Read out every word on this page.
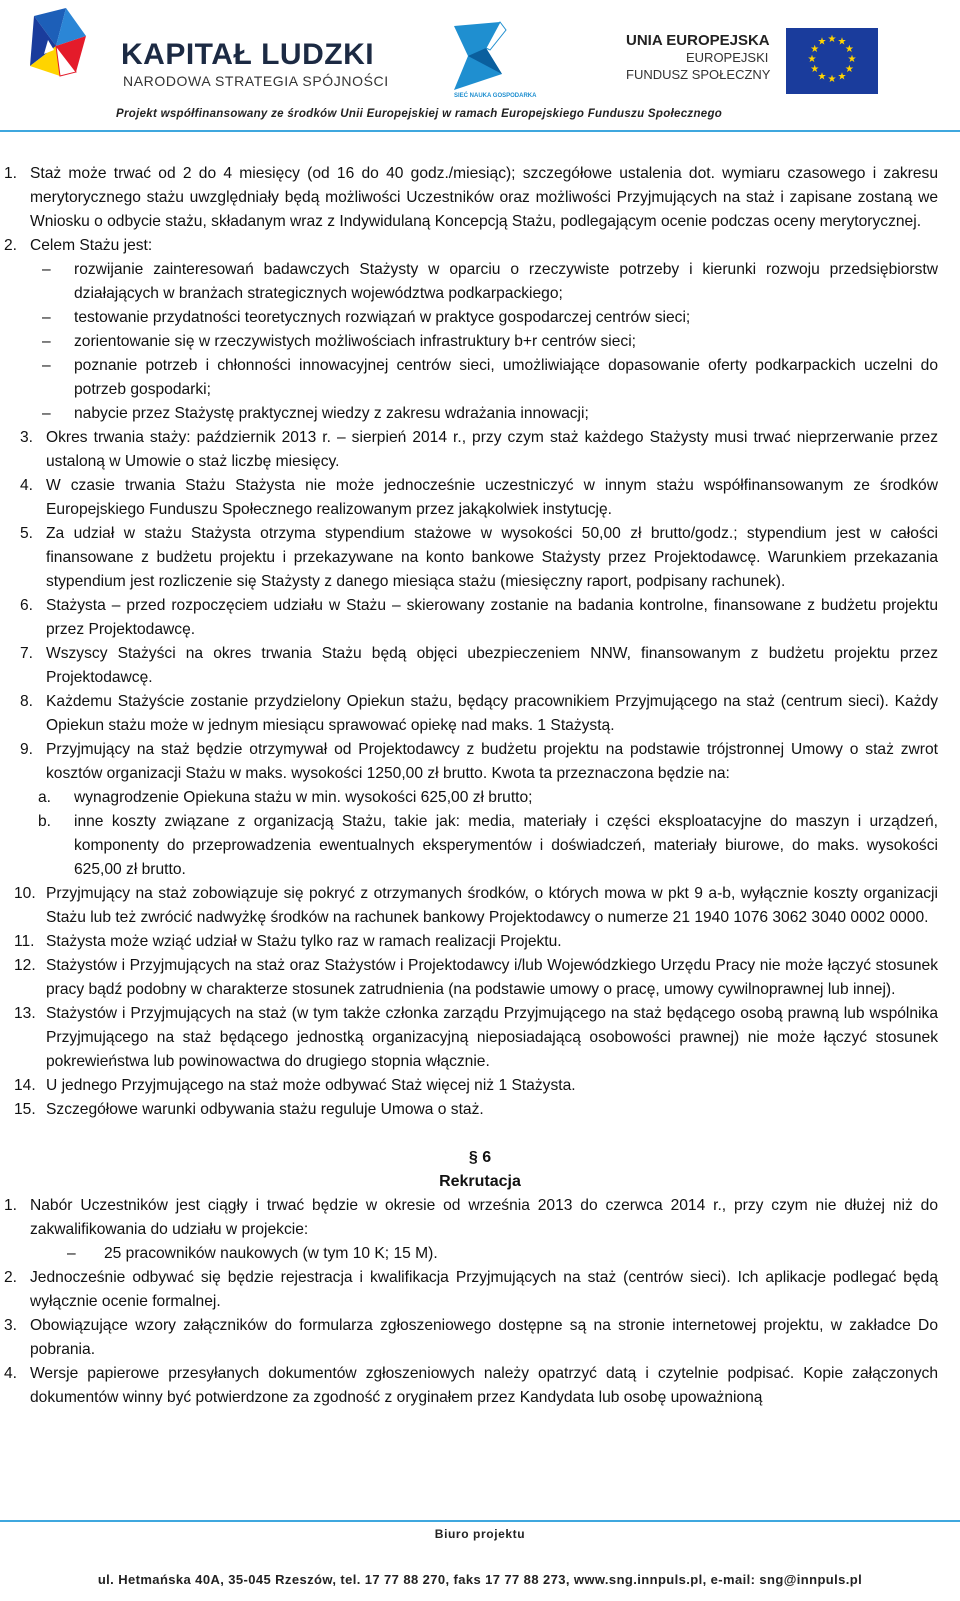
KAPITAŁ LUDZKI
NARODOWA STRATEGIA SPÓJNOŚCI
SIEĆ NAUKA GOSPODARKA
UNIA EUROPEJSKA
EUROPEJSKI
FUNDUSZ SPOŁECZNY
★ ★
★
★
★
★
★
★
★
★
★
★
Projekt współfinansowany ze środków Unii Europejskiej w ramach Europejskiego Funduszu Społecznego
1. Staż może trwać od 2 do 4 miesięcy (od 16 do 40 godz./miesiąc); szczegółowe ustalenia dot. wymiaru czasowego i zakresu merytorycznego stażu uwzględniały będą możliwości Uczestników oraz możliwości Przyjmujących na staż i zapisane zostaną we Wniosku o odbycie stażu, składanym wraz z Indywidulaną Koncepcją Stażu, podlegającym ocenie podczas oceny merytorycznej.
2. Celem Stażu jest:
– rozwijanie zainteresowań badawczych Stażysty w oparciu o rzeczywiste potrzeby i kierunki rozwoju przedsiębiorstw działających w branżach strategicznych województwa podkarpackiego;
– testowanie przydatności teoretycznych rozwiązań w praktyce gospodarczej centrów sieci;
– zorientowanie się w rzeczywistych możliwościach infrastruktury b+r centrów sieci;
– poznanie potrzeb i chłonności innowacyjnej centrów sieci, umożliwiające dopasowanie oferty podkarpackich uczelni do potrzeb gospodarki;
– nabycie przez Stażystę praktycznej wiedzy z zakresu wdrażania innowacji;
3. Okres trwania staży: październik 2013 r. – sierpień 2014 r., przy czym staż każdego Stażysty musi trwać nieprzerwanie przez ustaloną w Umowie o staż liczbę miesięcy.
4. W czasie trwania Stażu Stażysta nie może jednocześnie uczestniczyć w innym stażu współfinansowanym ze środków Europejskiego Funduszu Społecznego realizowanym przez jakąkolwiek instytucję.
5. Za udział w stażu Stażysta otrzyma stypendium stażowe w wysokości 50,00 zł brutto/godz.; stypendium jest w całości finansowane z budżetu projektu i przekazywane na konto bankowe Stażysty przez Projektodawcę. Warunkiem przekazania stypendium jest rozliczenie się Stażysty z danego miesiąca stażu (miesięczny raport, podpisany rachunek).
6. Stażysta – przed rozpoczęciem udziału w Stażu – skierowany zostanie na badania kontrolne, finansowane z budżetu projektu przez Projektodawcę.
7. Wszyscy Stażyści na okres trwania Stażu będą objęci ubezpieczeniem NNW, finansowanym z budżetu projektu przez Projektodawcę.
8. Każdemu Stażyście zostanie przydzielony Opiekun stażu, będący pracownikiem Przyjmującego na staż (centrum sieci). Każdy Opiekun stażu może w jednym miesiącu sprawować opiekę nad maks. 1 Stażystą.
9. Przyjmujący na staż będzie otrzymywał od Projektodawcy z budżetu projektu na podstawie trójstronnej Umowy o staż zwrot kosztów organizacji Stażu w maks. wysokości 1250,00 zł brutto. Kwota ta przeznaczona będzie na:
a. wynagrodzenie Opiekuna stażu w min. wysokości 625,00 zł brutto;
b. inne koszty związane z organizacją Stażu, takie jak: media, materiały i części eksploatacyjne do maszyn i urządzeń, komponenty do przeprowadzenia ewentualnych eksperymentów i doświadczeń, materiały biurowe, do maks. wysokości 625,00 zł brutto.
10. Przyjmujący na staż zobowiązuje się pokryć z otrzymanych środków, o których mowa w pkt 9 a-b, wyłącznie koszty organizacji Stażu lub też zwrócić nadwyżkę środków na rachunek bankowy Projektodawcy o numerze 21 1940 1076 3062 3040 0002 0000.
11. Stażysta może wziąć udział w Stażu tylko raz w ramach realizacji Projektu.
12. Stażystów i Przyjmujących na staż oraz Stażystów i Projektodawcy i/lub Wojewódzkiego Urzędu Pracy nie może łączyć stosunek pracy bądź podobny w charakterze stosunek zatrudnienia (na podstawie umowy o pracę, umowy cywilnoprawnej lub innej).
13. Stażystów i Przyjmujących na staż (w tym także członka zarządu Przyjmującego na staż będącego osobą prawną lub wspólnika Przyjmującego na staż będącego jednostką organizacyjną nieposiadającą osobowości prawnej) nie może łączyć stosunek pokrewieństwa lub powinowactwa do drugiego stopnia włącznie.
14. U jednego Przyjmującego na staż może odbywać Staż więcej niż 1 Stażysta.
15. Szczegółowe warunki odbywania stażu reguluje Umowa o staż.
§ 6
Rekrutacja
1. Nabór Uczestników jest ciągły i trwać będzie w okresie od września 2013 do czerwca 2014 r., przy czym nie dłużej niż do zakwalifikowania do udziału w projekcie:
– 25 pracowników naukowych (w tym 10 K; 15 M).
2. Jednocześnie odbywać się będzie rejestracja i kwalifikacja Przyjmujących na staż (centrów sieci). Ich aplikacje podlegać będą wyłącznie ocenie formalnej.
3. Obowiązujące wzory załączników do formularza zgłoszeniowego dostępne są na stronie internetowej projektu, w zakładce Do pobrania.
4. Wersje papierowe przesyłanych dokumentów zgłoszeniowych należy opatrzyć datą i czytelnie podpisać. Kopie załączonych dokumentów winny być potwierdzone za zgodność z oryginałem przez Kandydata lub osobę upoważnioną
Biuro projektu
ul. Hetmańska 40A, 35-045 Rzeszów, tel. 17 77 88 270, faks 17 77 88 273, www.sng.innpuls.pl, e-mail: sng@innpuls.pl
